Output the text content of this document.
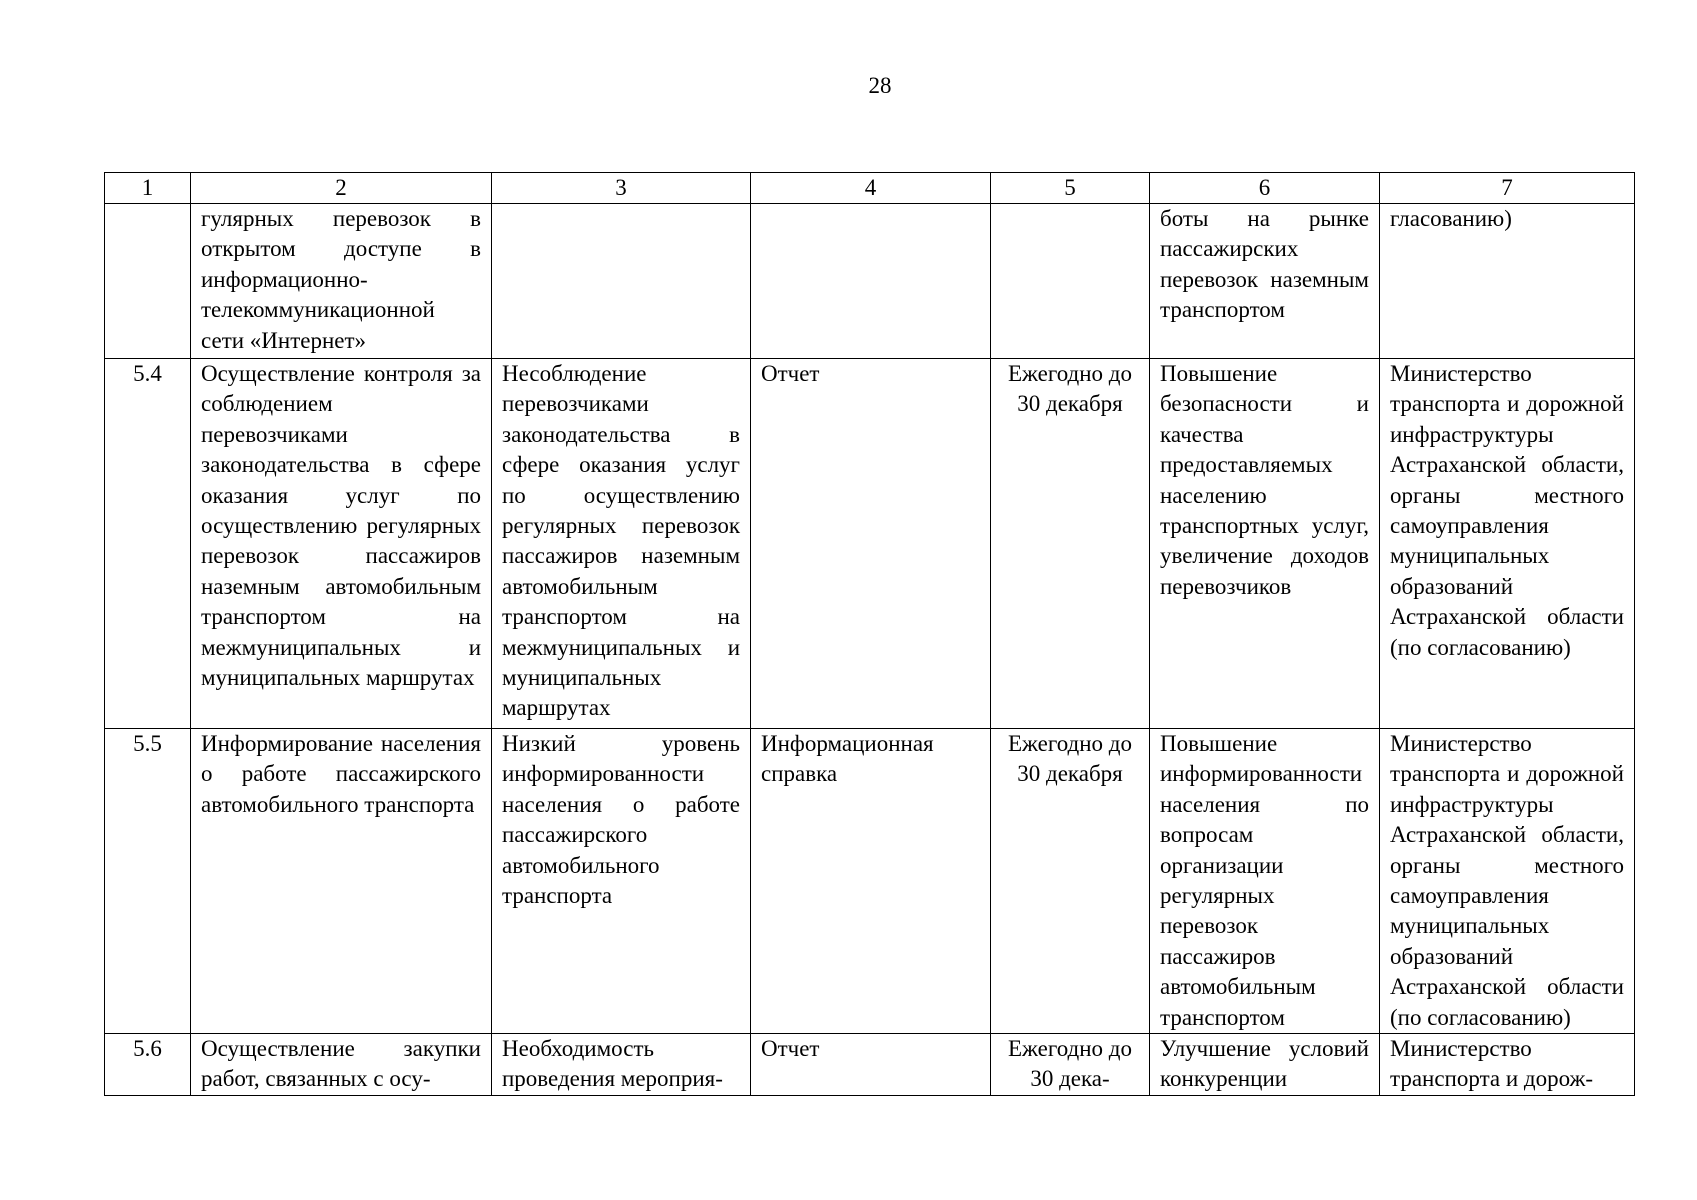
28
1	2	3	4	5	6	7
	гулярных перевозок в открытом доступе в информационно-телекоммуникационной сети «Интернет»				боты на рынке пассажирских перевозок наземным транспортом	гласованию)
5.4	Осуществление контроля за соблюдением перевозчиками законодательства в сфере оказания услуг по осуществлению регулярных перевозок пассажиров наземным автомобильным транспортом на межмуниципальных и муниципальных маршрутах	Несоблюдение перевозчиками законодательства в сфере оказания услуг по осуществлению регулярных перевозок пассажиров наземным автомобильным транспортом на межмуниципальных и муниципальных маршрутах	Отчет	Ежегодно до 30 декабря	Повышение безопасности и качества предоставляемых населению транспортных услуг, увеличение доходов перевозчиков	Министерство транспорта и дорожной инфраструктуры Астраханской области, органы местного самоуправления муниципальных образований Астраханской области (по согласованию)
5.5	Информирование населения о работе пассажирского автомобильного транспорта	Низкий уровень информированности населения о работе пассажирского автомобильного транспорта	Информационная справка	Ежегодно до 30 декабря	Повышение информированности населения по вопросам организации регулярных перевозок пассажиров автомобильным транспортом	Министерство транспорта и дорожной инфраструктуры Астраханской области, органы местного самоуправления муниципальных образований Астраханской области (по согласованию)
5.6	Осуществление закупки работ, связанных с осу-	Необходимость проведения мероприя-	Отчет	Ежегодно до 30 дека-	Улучшение условий конкуренции	Министерство транспорта и дорож-
